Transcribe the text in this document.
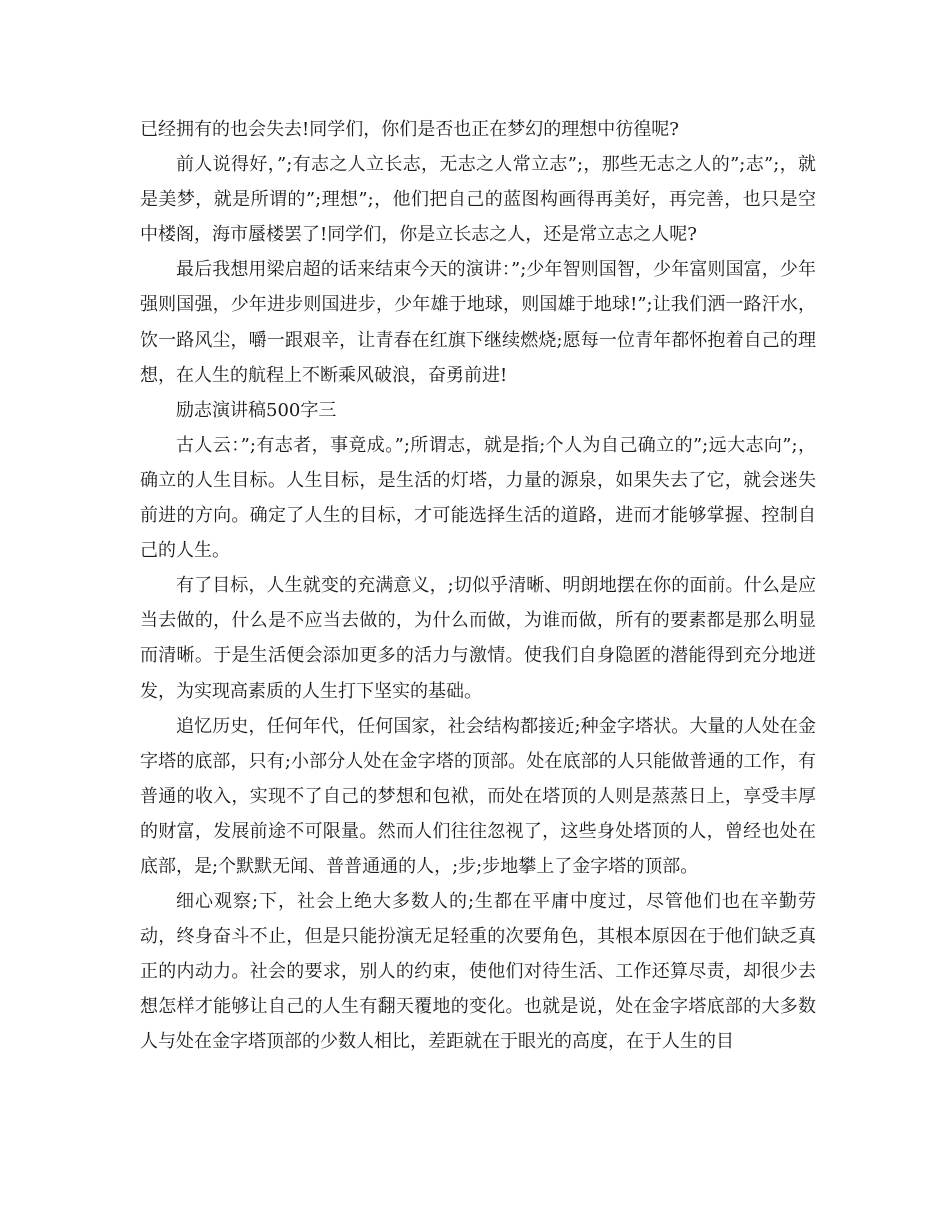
已经拥有的也会失去!同学们，你们是否也正在梦幻的理想中彷徨呢?

前人说得好，”;有志之人立长志，无志之人常立志”;，那些无志之人的”;志”;，就是美梦，就是所谓的”;理想”;，他们把自己的蓝图构画得再美好，再完善，也只是空中楼阁，海市蜃楼罢了!同学们，你是立长志之人，还是常立志之人呢?

最后我想用梁启超的话来结束今天的演讲：”;少年智则国智，少年富则国富，少年强则国强，少年进步则国进步，少年雄于地球，则国雄于地球!”;让我们洒一路汗水，饮一路风尘，嚼一跟艰辛，让青春在红旗下继续燃烧;愿每一位青年都怀抱着自己的理想，在人生的航程上不断乘风破浪，奋勇前进!

励志演讲稿500字三

古人云：”;有志者，事竟成。”;所谓志，就是指;个人为自己确立的”;远大志向”;，确立的人生目标。人生目标，是生活的灯塔，力量的源泉，如果失去了它，就会迷失前进的方向。确定了人生的目标，才可能选择生活的道路，进而才能够掌握、控制自己的人生。

有了目标，人生就变的充满意义，;切似乎清晰、明朗地摆在你的面前。什么是应当去做的，什么是不应当去做的，为什么而做，为谁而做，所有的要素都是那么明显而清晰。于是生活便会添加更多的活力与激情。使我们自身隐匿的潜能得到充分地迸发，为实现高素质的人生打下坚实的基础。

追忆历史，任何年代，任何国家，社会结构都接近;种金字塔状。大量的人处在金字塔的底部，只有;小部分人处在金字塔的顶部。处在底部的人只能做普通的工作，有普通的收入，实现不了自己的梦想和包袱，而处在塔顶的人则是蒸蒸日上，享受丰厚的财富，发展前途不可限量。然而人们往往忽视了，这些身处塔顶的人，曾经也处在底部，是;个默默无闻、普普通通的人，;步;步地攀上了金字塔的顶部。

细心观察;下，社会上绝大多数人的;生都在平庸中度过，尽管他们也在辛勤劳动，终身奋斗不止，但是只能扮演无足轻重的次要角色，其根本原因在于他们缺乏真正的内动力。社会的要求，别人的约束，使他们对待生活、工作还算尽责，却很少去想怎样才能够让自己的人生有翻天覆地的变化。也就是说，处在金字塔底部的大多数人与处在金字塔顶部的少数人相比，差距就在于眼光的高度，在于人生的目
